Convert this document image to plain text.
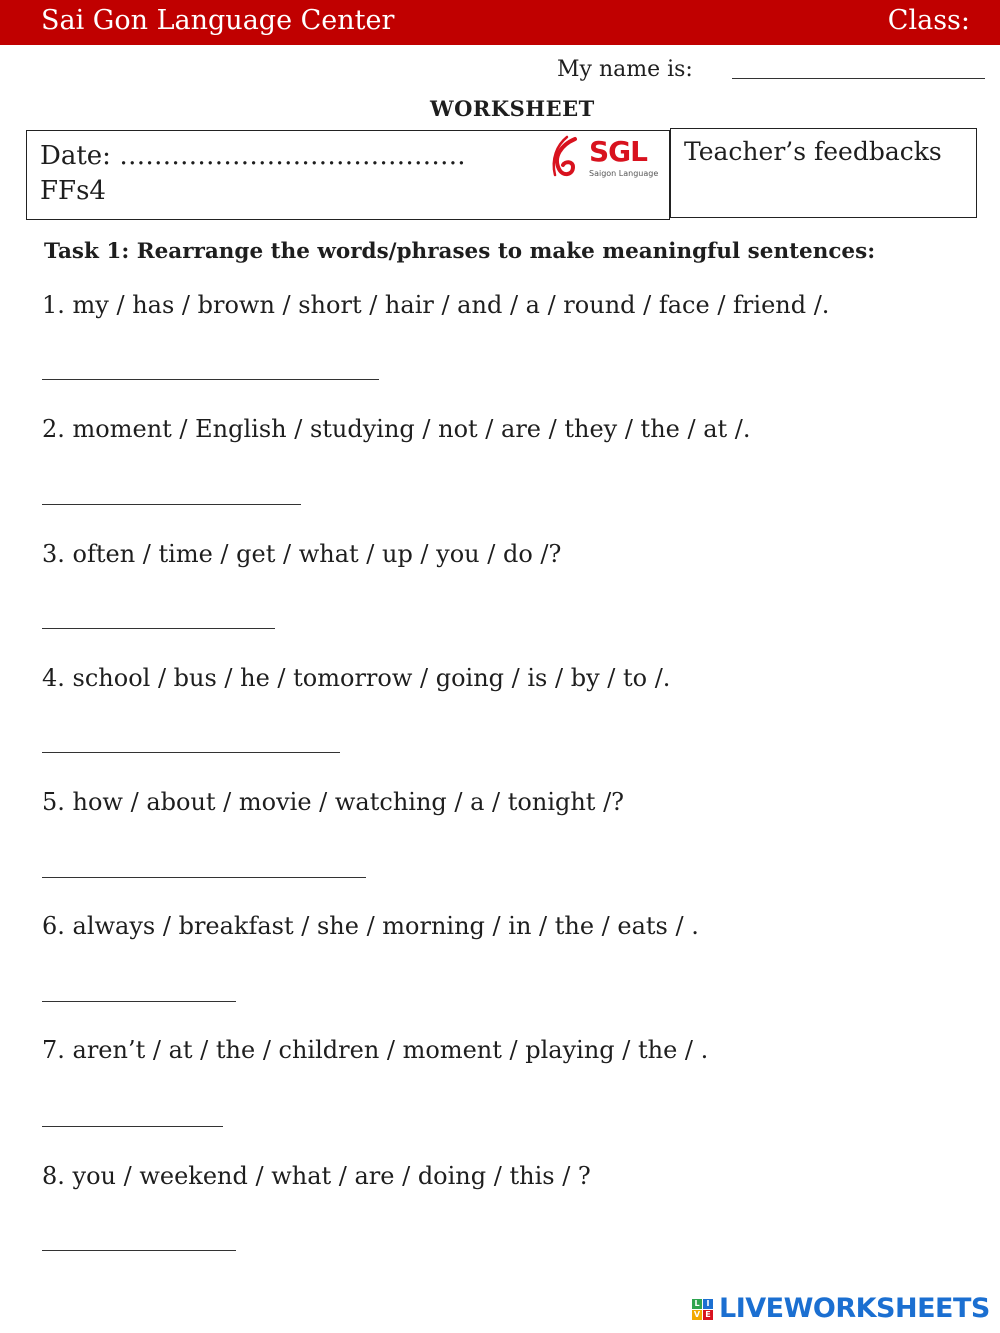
Sai Gon Language Center	Class:
My name is:
WORKSHEET
Date: ………………………………….
FFs4
SGL
Saigon Language
Teacher’s feedbacks
Task 1: Rearrange the words/phrases to make meaningful sentences:
1. my / has / brown / short / hair / and / a / round / face / friend /.
2. moment / English / studying / not / are / they / the / at /.
3. often / time / get / what / up / you / do /?
4. school / bus / he / tomorrow / going / is / by / to /.
5. how / about / movie / watching / a / tonight /?
6. always / breakfast / she / morning / in / the / eats / .
7. aren’t / at / the / children / moment / playing / the / .
8. you / weekend / what / are / doing / this / ?
L I
V E LIVEWORKSHEETS
